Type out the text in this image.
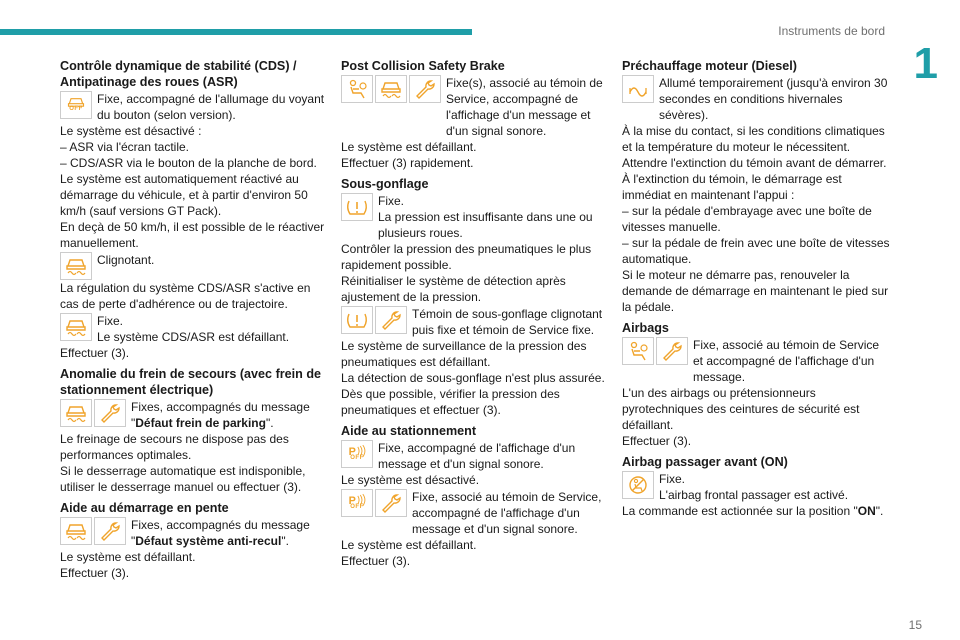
Instruments de bord
1
Contrôle dynamique de stabilité (CDS) / Antipatinage des roues (ASR)
OFF
Fixe, accompagné de l'allumage du voyant du bouton (selon version).

Le système est désactivé :

– ASR via l'écran tactile.

– CDS/ASR via le bouton de la planche de bord.

Le système est automatiquement réactivé au démarrage du véhicule, et à partir d'environ 50 km/h (sauf versions GT Pack).

En deçà de 50 km/h, il est possible de le réactiver manuellement.

Clignotant.

La régulation du système CDS/ASR s'active en cas de perte d'adhérence ou de trajectoire.

Fixe.

Le système CDS/ASR est défaillant.

Effectuer (3).

Anomalie du frein de secours (avec frein de stationnement électrique)
Fixes, accompagnés du message "Défaut frein de parking".

Le freinage de secours ne dispose pas des performances optimales.

Si le desserrage automatique est indisponible, utiliser le desserrage manuel ou effectuer (3).

Aide au démarrage en pente
Fixes, accompagnés du message "Défaut système anti-recul".

Le système est défaillant.

Effectuer (3).

Post Collision Safety Brake
Fixe(s), associé au témoin de Service, accompagné de l'affichage d'un message et d'un signal sonore.

Le système est défaillant.

Effectuer (3) rapidement.

Sous-gonflage

Fixe.

La pression est insuffisante dans une ou plusieurs roues.

Contrôler la pression des pneumatiques le plus rapidement possible.

Réinitialiser le système de détection après ajustement de la pression.

Témoin de sous-gonflage clignotant puis fixe et témoin de Service fixe.

Le système de surveillance de la pression des pneumatiques est défaillant.

La détection de sous-gonflage n'est plus assurée.

Dès que possible, vérifier la pression des pneumatiques et effectuer (3).

Aide au stationnement
P
OFF
Fixe, accompagné de l'affichage d'un message et d'un signal sonore.

Le système est désactivé.

P
OFF
Fixe, associé au témoin de Service, accompagné de l'affichage d'un message et d'un signal sonore.

Le système est défaillant.

Effectuer (3).

Préchauffage moteur (Diesel)
Allumé temporairement (jusqu'à environ 30 secondes en conditions hivernales sévères).

À la mise du contact, si les conditions climatiques et la température du moteur le nécessitent.

Attendre l'extinction du témoin avant de démarrer.

À l'extinction du témoin, le démarrage est immédiat en maintenant l'appui :

– sur la pédale d'embrayage avec une boîte de vitesses manuelle.

– sur la pédale de frein avec une boîte de vitesses automatique.

Si le moteur ne démarre pas, renouveler la demande de démarrage en maintenant le pied sur la pédale.

Airbags
Fixe, associé au témoin de Service et accompagné de l'affichage d'un message.

L'un des airbags ou prétensionneurs pyrotechniques des ceintures de sécurité est défaillant.

Effectuer (3).

Airbag passager avant (ON)

Fixe.

L'airbag frontal passager est activé.

La commande est actionnée sur la position "ON".

15
